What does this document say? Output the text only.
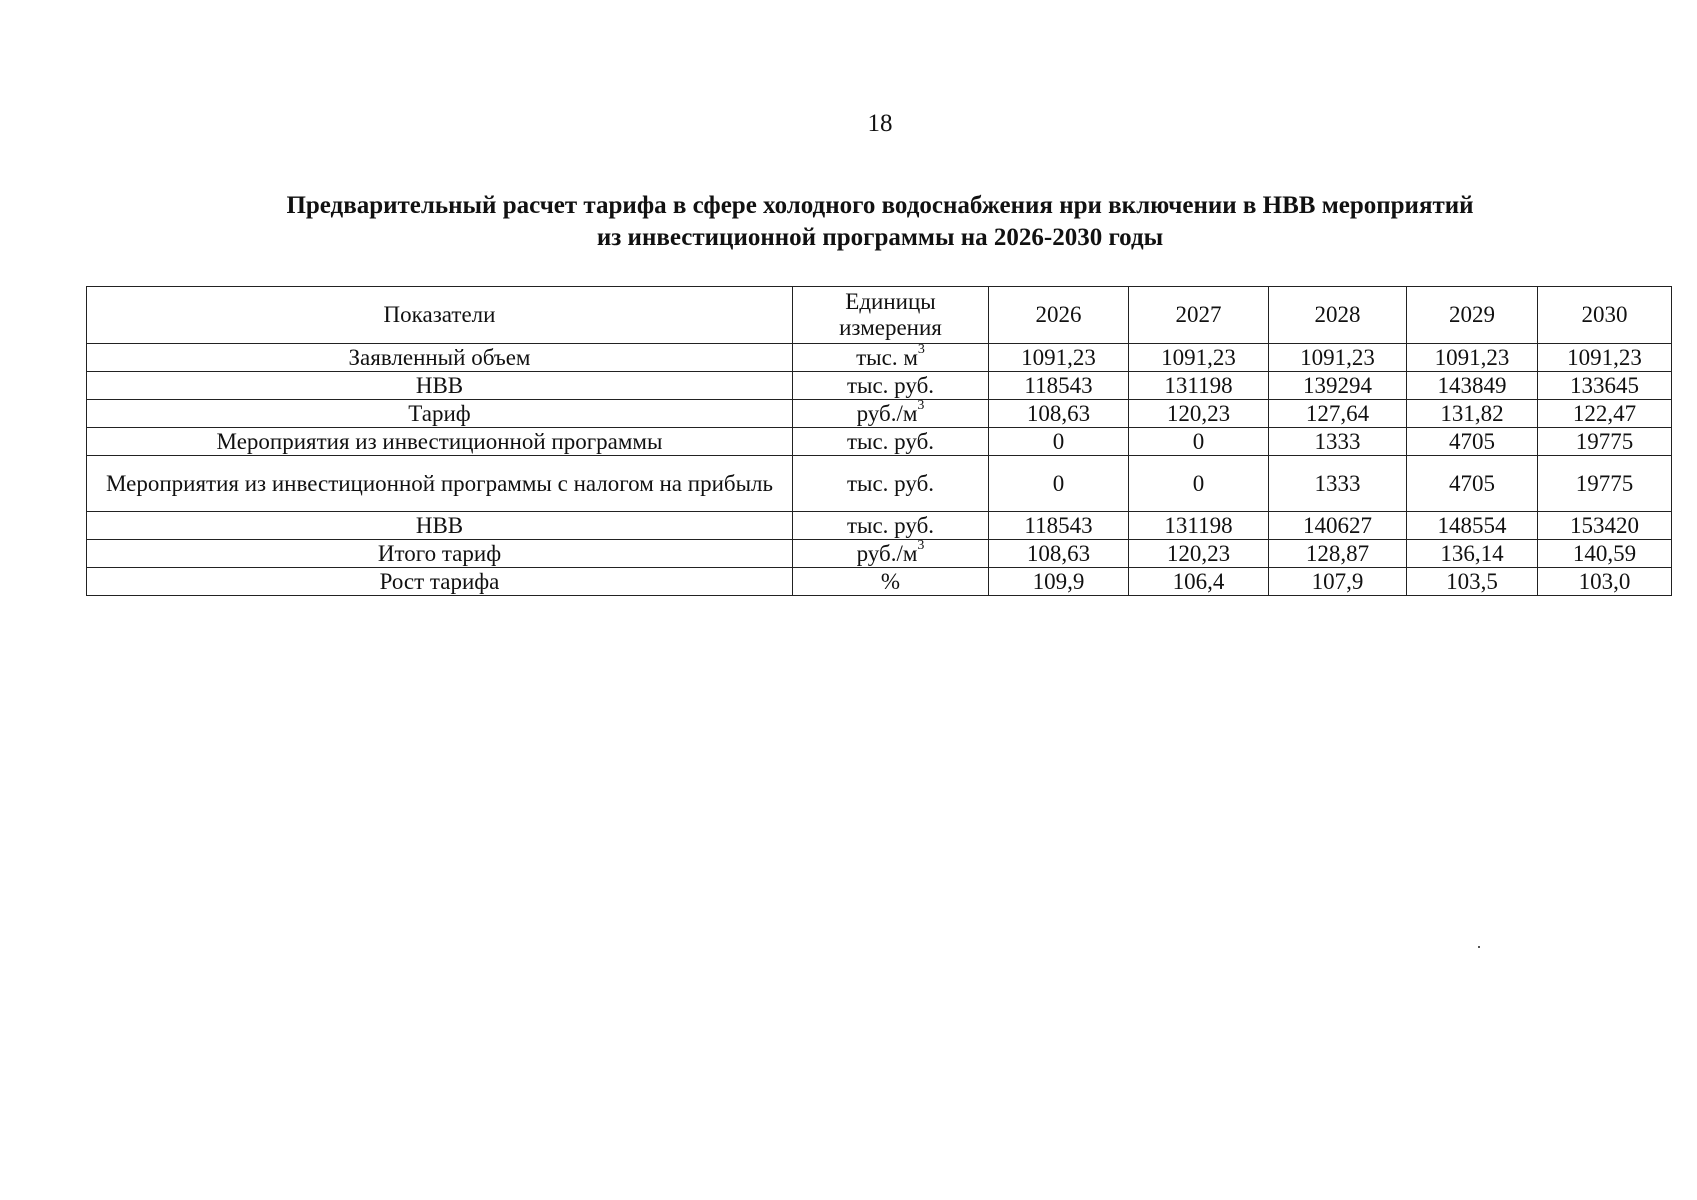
18
Предварительный расчет тарифа в сфере холодного водоснабжения нри включении в НВВ мероприятий
из инвестиционной программы на 2026-2030 годы
Показатели	Единицы измерения	2026	2027	2028	2029	2030
Заявленный объем	тыс. $м^3$	1091,23	1091,23	1091,23	1091,23	1091,23
НВВ	тыс. руб.	118543	131198	139294	143849	133645
Тариф	$руб./м^3$	108,63	120,23	127,64	131,82	122,47
Мероприятия из инвестиционной программы	тыс. руб.	0	0	1333	4705	19775
Мероприятия из инвестиционной программы с налогом на прибыль	тыс. руб.	0	0	1333	4705	19775
НВВ	тыс. руб.	118543	131198	140627	148554	153420
Итого тариф	$руб./м^3$	108,63	120,23	128,87	136,14	140,59
Рост тарифа	%	109,9	106,4	107,9	103,5	103,0
